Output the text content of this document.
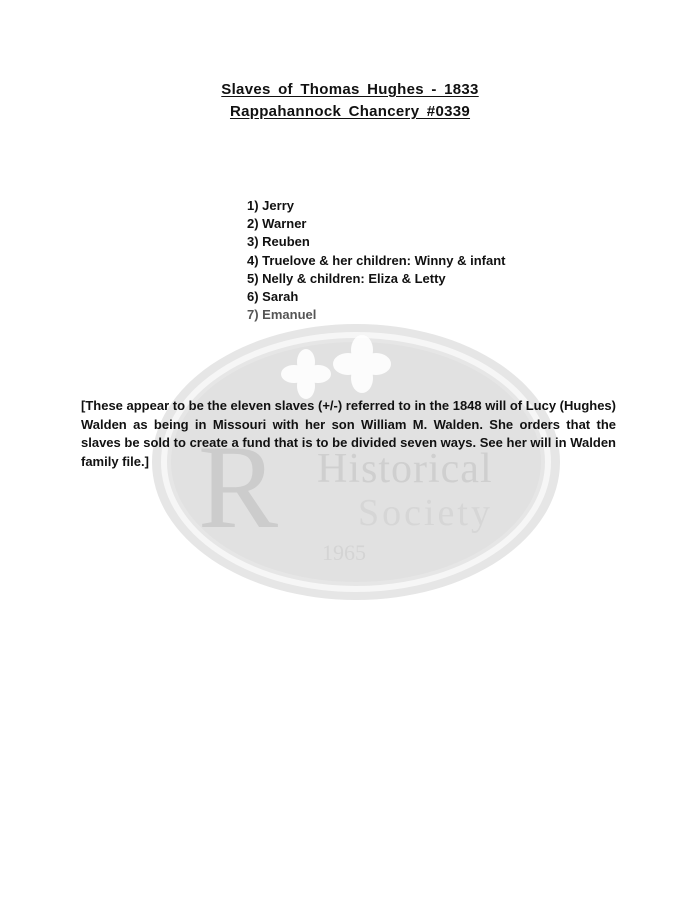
R Historical
Society
1965
Slaves of Thomas Hughes - 1833
Rappahannock Chancery #0339
1) Jerry
2) Warner
3) Reuben
4) Truelove & her children: Winny & infant
5) Nelly & children: Eliza & Letty
6) Sarah
7) Emanuel

[These appear to be the eleven slaves (+/-) referred to in the 1848 will of Lucy (Hughes) Walden as being in Missouri with her son William M. Walden. She orders that the slaves be sold to create a fund that is to be divided seven ways. See her will in Walden family file.]
